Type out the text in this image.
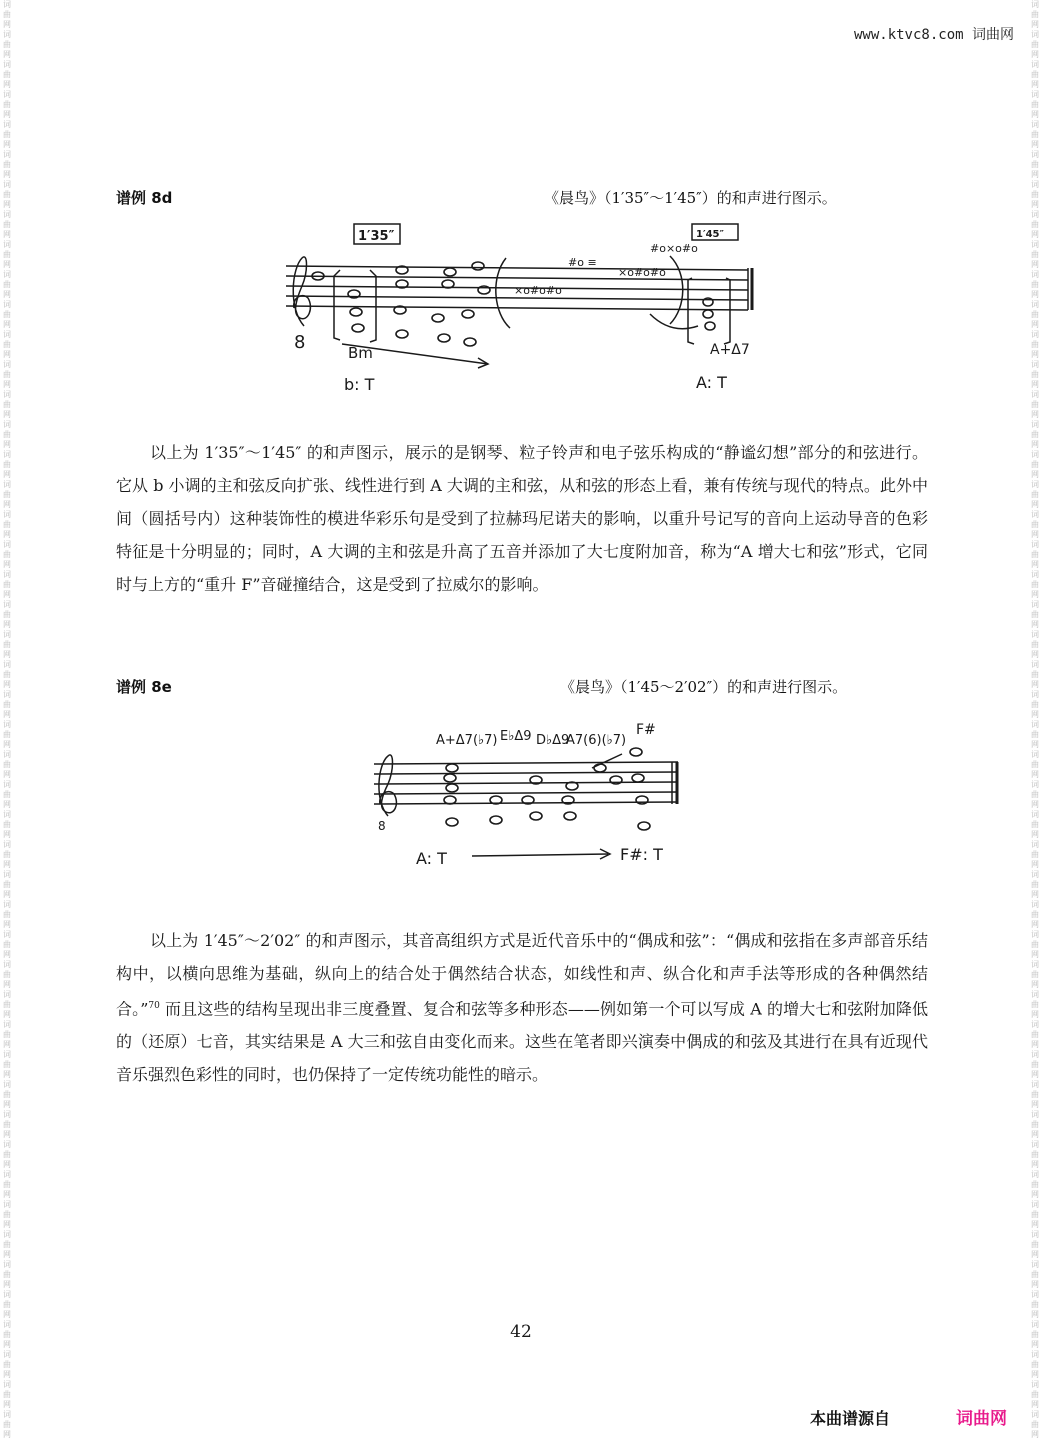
词曲网词曲网词曲网词曲网词曲网词曲网词曲网词曲网词曲网词曲网词曲网词曲网词曲网词曲网词曲网词曲网词曲网词曲网词曲网词曲网词曲网词曲网词曲网词曲网词曲网词曲网词曲网词曲网词曲网词曲网词曲网词曲网词曲网词曲网词曲网词曲网词曲网词曲网词曲网词曲网词曲网词曲网词曲网词曲网词曲网词曲网词曲网词曲网
词曲网词曲网词曲网词曲网词曲网词曲网词曲网词曲网词曲网词曲网词曲网词曲网词曲网词曲网词曲网词曲网词曲网词曲网词曲网词曲网词曲网词曲网词曲网词曲网词曲网词曲网词曲网词曲网词曲网词曲网词曲网词曲网词曲网词曲网词曲网词曲网词曲网词曲网词曲网词曲网词曲网词曲网词曲网词曲网词曲网词曲网词曲网词曲网
www.ktvc8.com 词曲网
谱例 8d	《晨鸟》（1′35″～1′45″）的和声进行图示。
8
1′35″	1′45″
Bm	A+Δ7
b: T	A: T
×o#o#o
#o ≡
×o#o#o
#o×o#o
以上为 1′35″～1′45″ 的和声图示，展示的是钢琴、粒子铃声和电子弦乐构成的“静谧幻想”部分的和弦进行。它从 b 小调的主和弦反向扩张、线性进行到 A 大调的主和弦，从和弦的形态上看，兼有传统与现代的特点。此外中间（圆括号内）这种装饰性的模进华彩乐句是受到了拉赫玛尼诺夫的影响，以重升号记写的音向上运动导音的色彩特征是十分明显的；同时，A 大调的主和弦是升高了五音并添加了大七度附加音，称为“A 增大七和弦”形式，它同时与上方的“重升 F”音碰撞结合，这是受到了拉威尔的影响。
谱例 8e	《晨鸟》（1′45～2′02″）的和声进行图示。
8
A+Δ7(♭7) E♭Δ9 D♭Δ9
A7(6)(♭7)
F#
A: T	F#: T
以上为 1′45″～2′02″ 的和声图示，其音高组织方式是近代音乐中的“偶成和弦”：“偶成和弦指在多声部音乐结构中，以横向思维为基础，纵向上的结合处于偶然结合状态，如线性和声、纵合化和声手法等形成的各种偶然结合。”$^{70}$ 而且这些的结构呈现出非三度叠置、复合和弦等多种形态——例如第一个可以写成 A 的增大七和弦附加降低的（还原）七音，其实结果是 A 大三和弦自由变化而来。这些在笔者即兴演奏中偶成的和弦及其进行在具有近现代音乐强烈色彩性的同时，也仍保持了一定传统功能性的暗示。
42
本曲谱源自	词曲网
